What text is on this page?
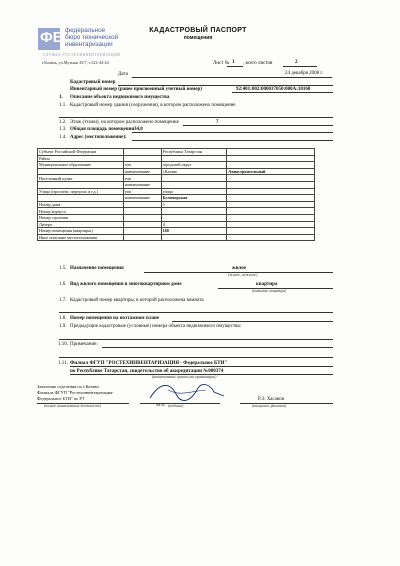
ФБ федеральное
бюро технической
инвентаризации
СЛУЖБА ГОСТЕХИНВЕНТАРИЗАЦИИ
г.Казань, ул.Музыки 29/7, т.322-44-44
КАДАСТРОВЫЙ ПАСПОРТ
помещения
Лист № 1 , всего листов	2
Дата	24 декабря 2008 г.
Кадастровый номер
Инвентарный номер (ранее присвоенный учетный номер)	92:401:002:000037050:000А:10168
1. Описание объекта недвижимого имущества
1.1. Кадастровый номер здания (сооружения), в котором расположено помещение
1.2. Этаж (этажи), на котором расположено помещение	7
1.3. Общая площадь помещения 34,8
1.4. Адрес (местоположение):
Субъект Российской Федерации		Республика Татарстан	
Район			
Муниципальное образование	тип	городской округ	
	наименование	г.Казань	Авиастроительный
Населенный пункт	тип		
	наименование		
Улица (проспект, переулок и т.д.)	тип	улица	
	наименование	Беломорская	
Номер дома		5	
Номер корпуса			
Номер строения			
Литера		А	
Номер помещения (квартиры)		168	
Иное описание местоположения			
1.5. Назначение помещения	жилое
(жилое, нежилое)
1.6. Вид жилого помещения в многоквартирном доме	квартира
(комната, квартира)
1.7. Кадастровый номер квартиры, в которой расположена комната
1.8. Номер помещения на поэтажном плане
1.9. Предыдущие кадастровые (условные) номера объекта недвижимого имущества:
1.10. Примечание:
1.11. Филиал ФГУП "РОСТЕХИНВЕНТАРИЗАЦИЯ - Федеральное БТИ"
по Республике Татарстан, свидетельство об аккредитации №000374
(наименование органа или организации)
Зачальник отделения по г.Казани
Филиала ФГУП "Ростехинвентаризация-
Федеральное БТИ" по РТ
(полное наименование должности)	(подпись)
Р.Э. Хасанов
(инициалы, фамилия)
М.П.
